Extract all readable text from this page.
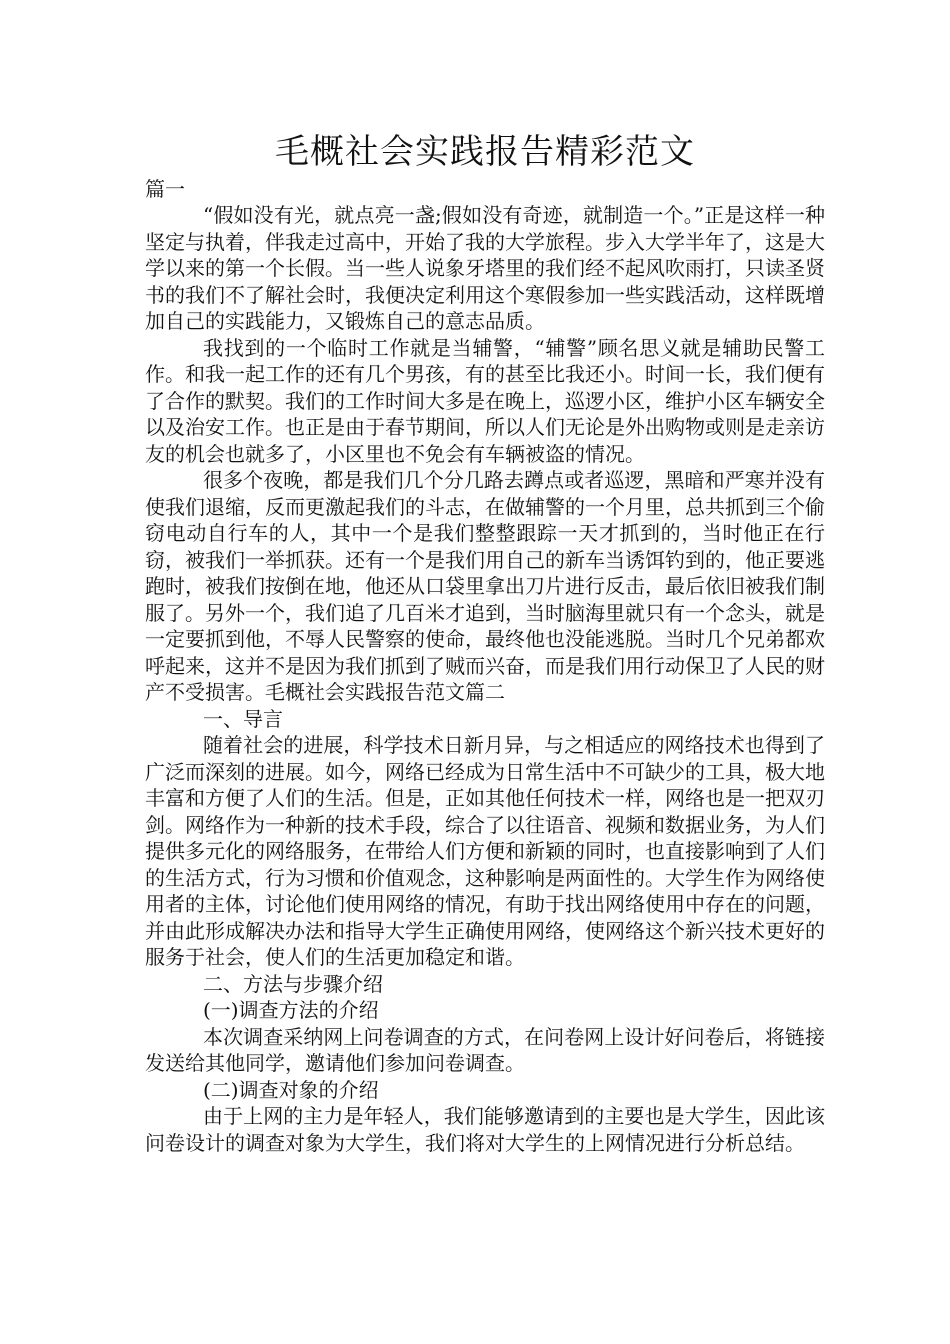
毛概社会实践报告精彩范文

篇一

“假如没有光，就点亮一盏;假如没有奇迹，就制造一个。”正是这样一种坚定与执着，伴我走过高中，开始了我的大学旅程。步入大学半年了，这是大学以来的第一个长假。当一些人说象牙塔里的我们经不起风吹雨打，只读圣贤书的我们不了解社会时，我便决定利用这个寒假参加一些实践活动，这样既增加自己的实践能力，又锻炼自己的意志品质。

我找到的一个临时工作就是当辅警，“辅警”顾名思义就是辅助民警工作。和我一起工作的还有几个男孩，有的甚至比我还小。时间一长，我们便有了合作的默契。我们的工作时间大多是在晚上，巡逻小区，维护小区车辆安全以及治安工作。也正是由于春节期间，所以人们无论是外出购物或则是走亲访友的机会也就多了，小区里也不免会有车辆被盗的情况。

很多个夜晚，都是我们几个分几路去蹲点或者巡逻，黑暗和严寒并没有使我们退缩，反而更激起我们的斗志，在做辅警的一个月里，总共抓到三个偷窃电动自行车的人，其中一个是我们整整跟踪一天才抓到的，当时他正在行窃，被我们一举抓获。还有一个是我们用自己的新车当诱饵钓到的，他正要逃跑时，被我们按倒在地，他还从口袋里拿出刀片进行反击，最后依旧被我们制服了。另外一个，我们追了几百米才追到，当时脑海里就只有一个念头，就是一定要抓到他，不辱人民警察的使命，最终他也没能逃脱。当时几个兄弟都欢呼起来，这并不是因为我们抓到了贼而兴奋，而是我们用行动保卫了人民的财产不受损害。毛概社会实践报告范文篇二

一、导言

随着社会的进展，科学技术日新月异，与之相适应的网络技术也得到了广泛而深刻的进展。如今，网络已经成为日常生活中不可缺少的工具，极大地丰富和方便了人们的生活。但是，正如其他任何技术一样，网络也是一把双刃剑。网络作为一种新的技术手段，综合了以往语音、视频和数据业务，为人们提供多元化的网络服务，在带给人们方便和新颖的同时，也直接影响到了人们的生活方式，行为习惯和价值观念，这种影响是两面性的。大学生作为网络使用者的主体，讨论他们使用网络的情况，有助于找出网络使用中存在的问题，并由此形成解决办法和指导大学生正确使用网络，使网络这个新兴技术更好的服务于社会，使人们的生活更加稳定和谐。

二、方法与步骤介绍

(一)调查方法的介绍

本次调查采纳网上问卷调查的方式，在问卷网上设计好问卷后，将链接发送给其他同学，邀请他们参加问卷调查。

(二)调查对象的介绍

由于上网的主力是年轻人，我们能够邀请到的主要也是大学生，因此该问卷设计的调查对象为大学生，我们将对大学生的上网情况进行分析总结。
